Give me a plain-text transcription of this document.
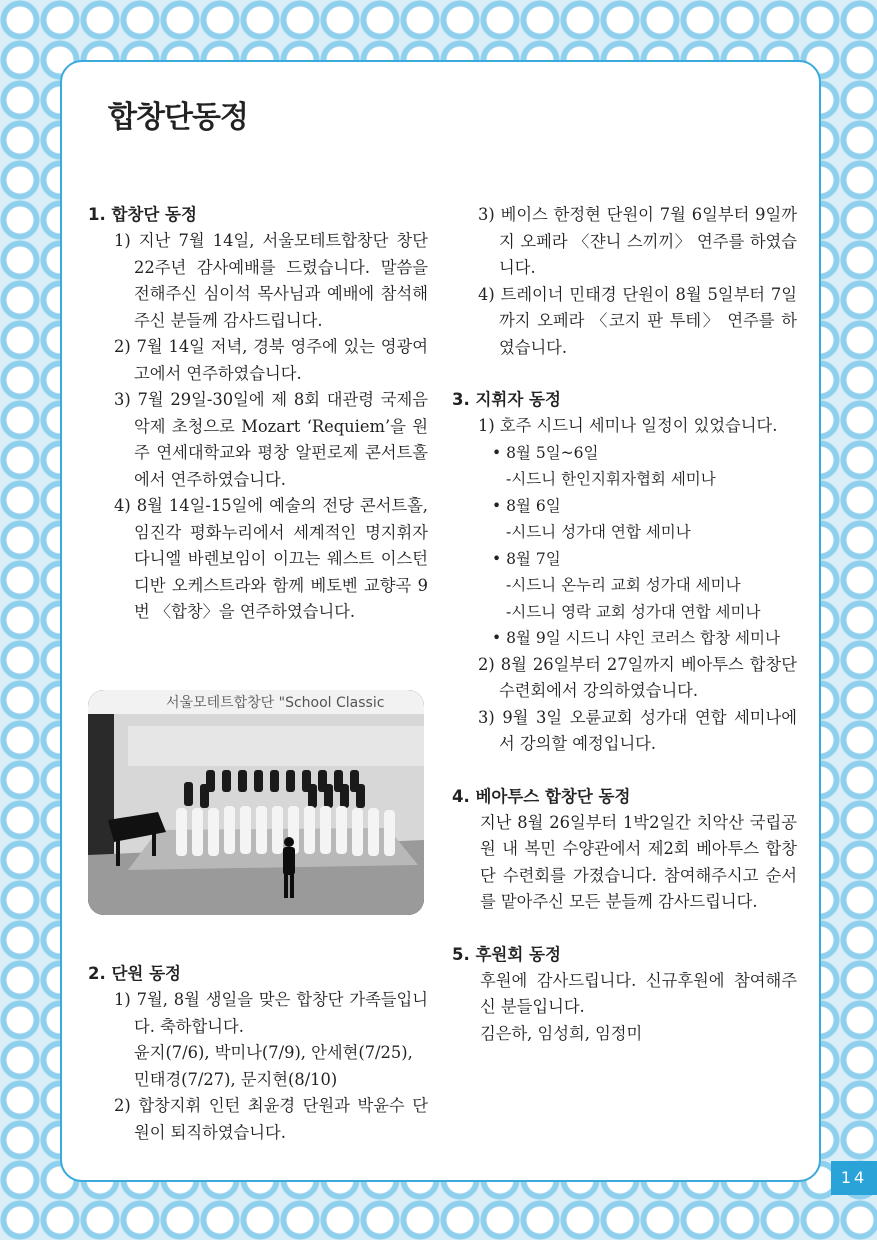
합창단동정
1. 합창단 동정

1) 지난 7월 14일, 서울모테트합창단 창단 22주년 감사예배를 드렸습니다. 말씀을 전해주신 심이석 목사님과 예배에 참석해주신 분들께 감사드립니다.

2) 7월 14일 저녁, 경북 영주에 있는 영광여고에서 연주하였습니다.

3) 7월 29일-30일에 제 8회 대관령 국제음악제 초청으로 Mozart ‘Requiem’을 원주 연세대학교와 평창 알펀로제 콘서트홀에서 연주하였습니다.

4) 8월 14일-15일에 예술의 전당 콘서트홀, 임진각 평화누리에서 세계적인 명지휘자 다니엘 바렌보임이 이끄는 웨스트 이스턴 디반 오케스트라와 함께 베토벤 교향곡 9번 〈합창〉을 연주하였습니다.

서울모테트합창단 "School Classic
2. 단원 동정

1) 7월, 8월 생일을 맞은 합창단 가족들입니다. 축하합니다.

윤지(7/6), 박미나(7/9), 안세현(7/25), 민태경(7/27), 문지현(8/10)

2) 합창지휘 인턴 최윤경 단원과 박윤수 단원이 퇴직하였습니다.

3) 베이스 한정현 단원이 7월 6일부터 9일까지 오페라 〈쟌니 스끼끼〉 연주를 하였습니다.

4) 트레이너 민태경 단원이 8월 5일부터 7일까지 오페라 〈코지 판 투테〉 연주를 하였습니다.

3. 지휘자 동정

1) 호주 시드니 세미나 일정이 있었습니다.

• 8월 5일~6일

-시드니 한인지휘자협회 세미나

• 8월 6일

-시드니 성가대 연합 세미나

• 8월 7일

-시드니 온누리 교회 성가대 세미나

-시드니 영락 교회 성가대 연합 세미나

• 8월 9일 시드니 샤인 코러스 합창 세미나

2) 8월 26일부터 27일까지 베아투스 합창단 수련회에서 강의하였습니다.

3) 9월 3일 오륜교회 성가대 연합 세미나에서 강의할 예정입니다.

4. 베아투스 합창단 동정

지난 8월 26일부터 1박2일간 치악산 국립공원 내 복민 수양관에서 제2회 베아투스 합창단 수련회를 가졌습니다. 참여해주시고 순서를 맡아주신 모든 분들께 감사드립니다.

5. 후원회 동정

후원에 감사드립니다. 신규후원에 참여해주신 분들입니다.

김은하, 임성희, 임정미

14
